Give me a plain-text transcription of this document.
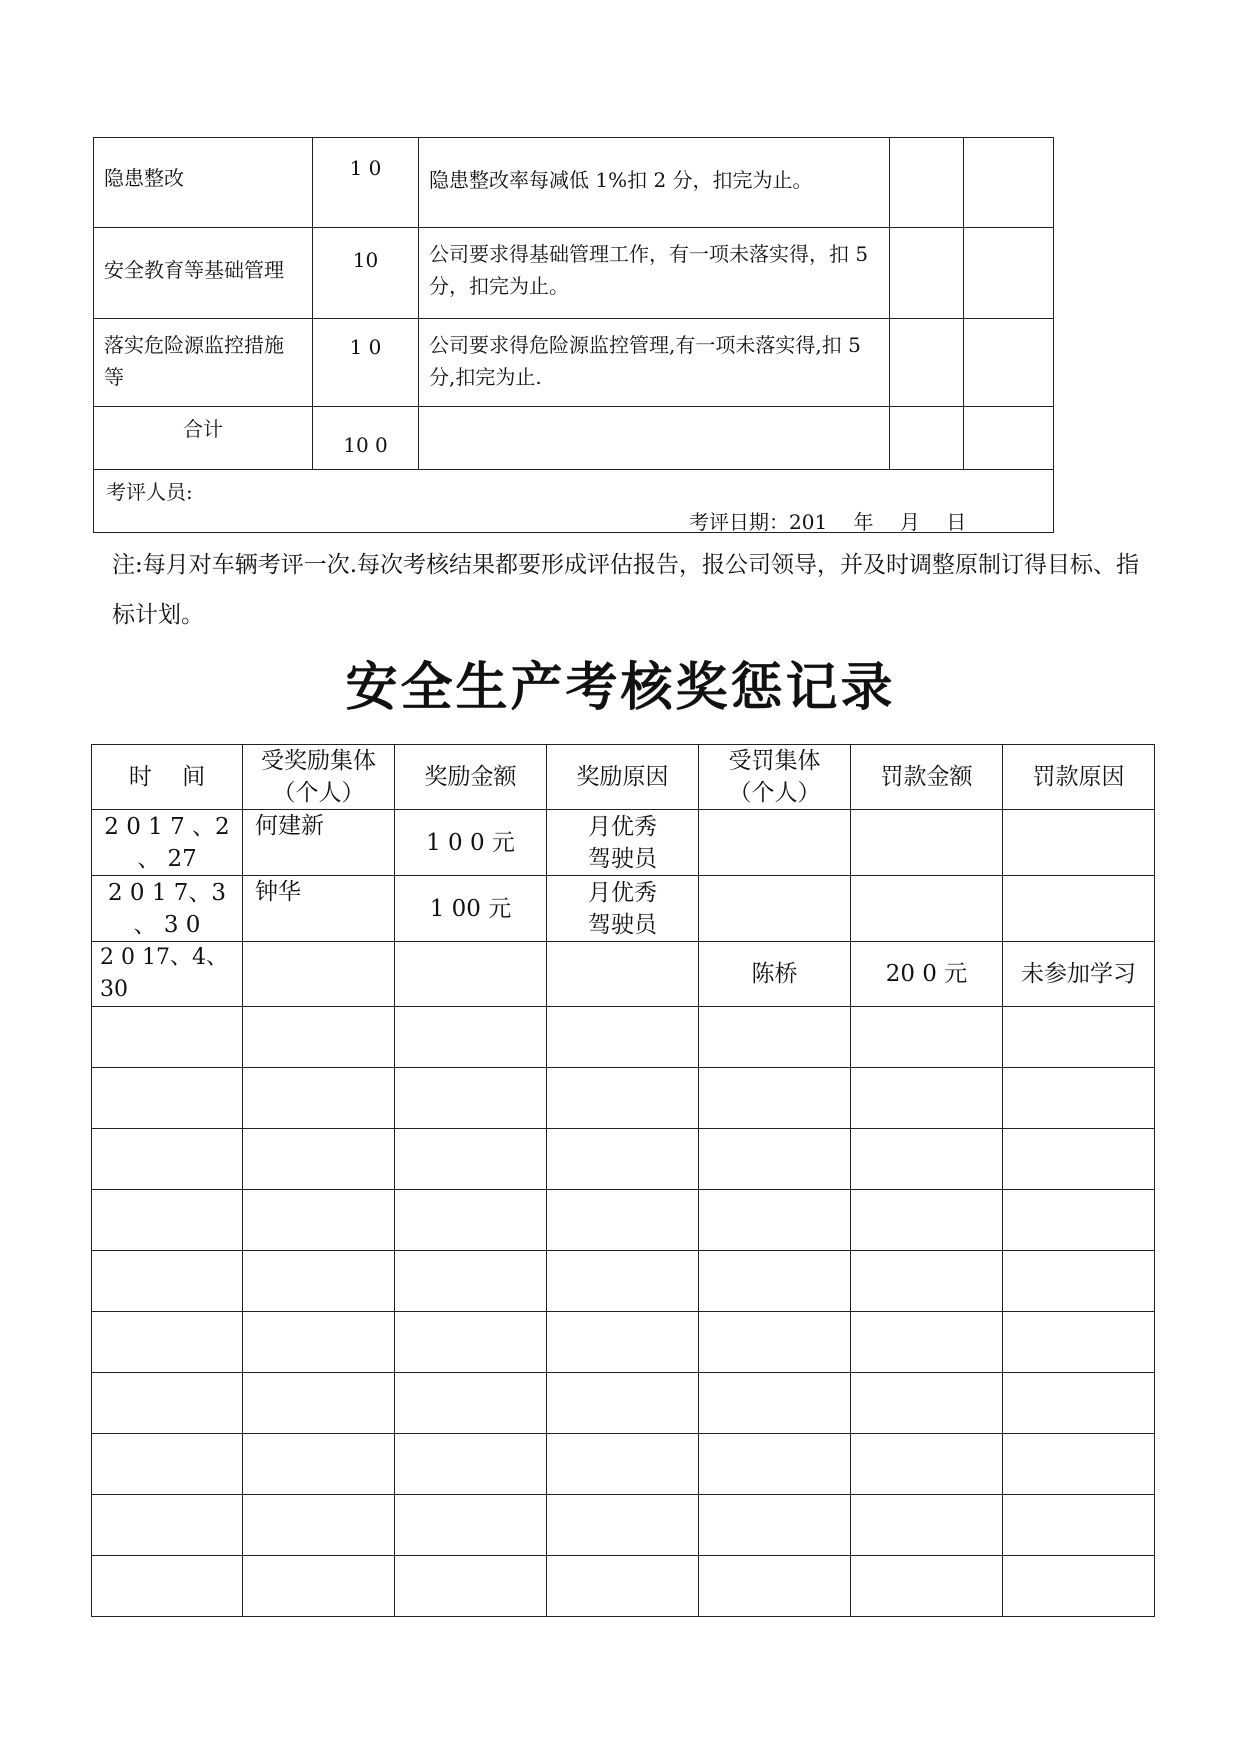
隐患整改	1 0	隐患整改率每减低 1%扣 2 分，扣完为止。		

安全教育等基础管理	10	公司要求得基础管理工作，有一项未落实得，扣 5分，扣完为止。		

落实危险源监控措施等	1 0	公司要求得危险源监控管理,有一项未落实得,扣 5分,扣完为止.		

合计	10 0			

考评人员:
考评日期：201　 年　 月　 日				

注:每月对车辆考评一次.每次考核结果都要形成评估报告，报公司领导，并及时调整原制订得目标、指标计划。

安全生产考核奖惩记录
时　 间	受奖励集体（个人）	奖励金额	奖励原因	受罚集体（个人）	罚款金额	罚款原因
2 0 1 7 、2 、 27	何建新	1 0 0 元	月优秀驾驶员			
2 0 1 7、3 、 3 0	钟华	1 00 元	月优秀驾驶员			
2 0 17、4、30				陈桥	20 0 元	未参加学习
